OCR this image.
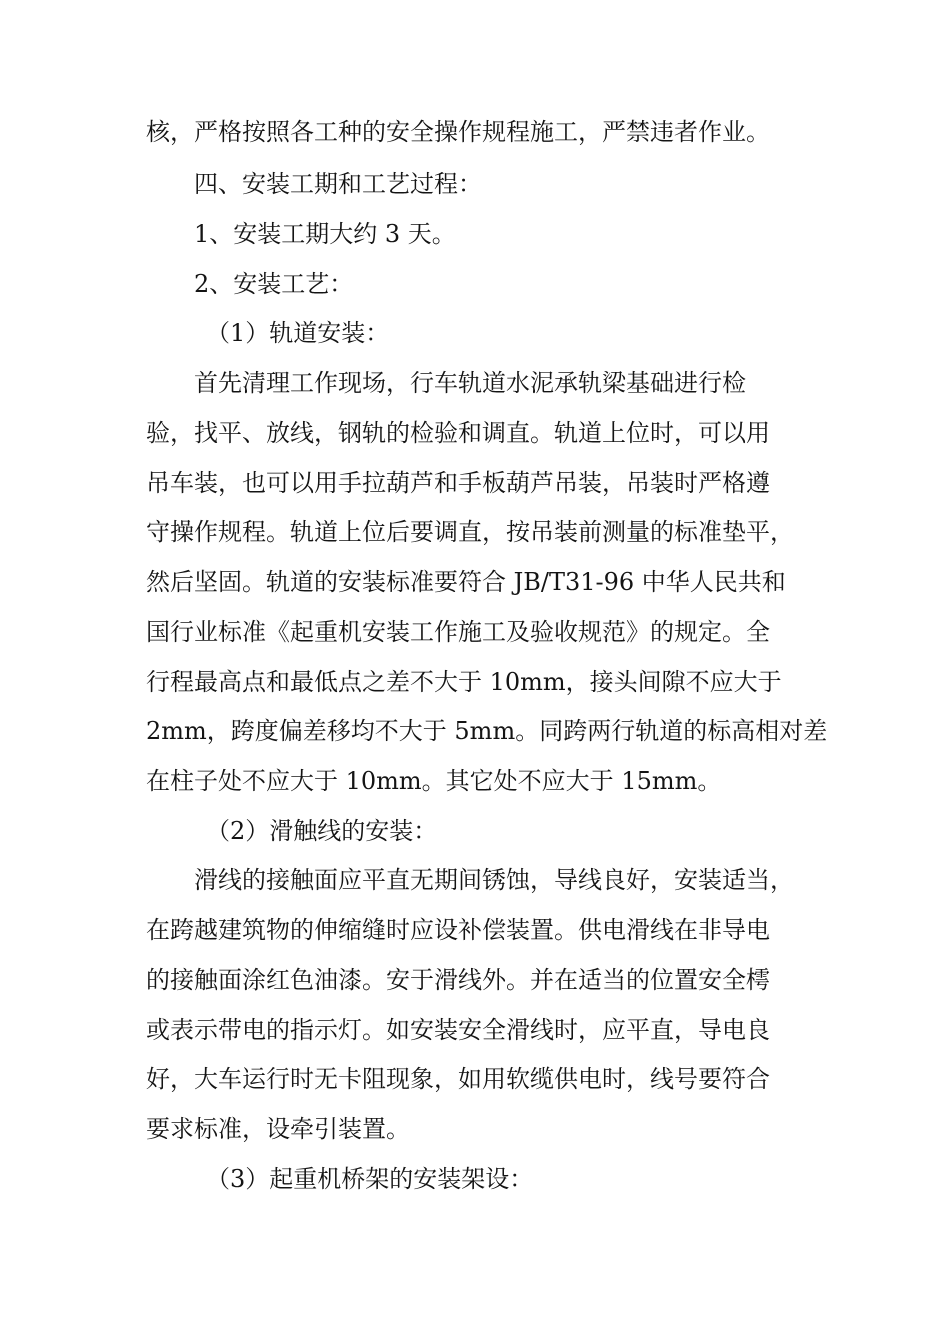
核，严格按照各工种的安全操作规程施工，严禁违者作业。
四、安装工期和工艺过程：
1、安装工期大约 3 天。
2、安装工艺：
（1）轨道安装：
首先清理工作现场，行车轨道水泥承轨梁基础进行检
验，找平、放线，钢轨的检验和调直。轨道上位时，可以用
吊车装，也可以用手拉葫芦和手板葫芦吊装，吊装时严格遵
守操作规程。轨道上位后要调直，按吊装前测量的标准垫平，
然后坚固。轨道的安装标准要符合 JB/T31-96 中华人民共和
国行业标准《起重机安装工作施工及验收规范》的规定。全
行程最高点和最低点之差不大于 10mm，接头间隙不应大于
2mm，跨度偏差移均不大于 5mm。同跨两行轨道的标高相对差
在柱子处不应大于 10mm。其它处不应大于 15mm。
（2）滑触线的安装：
滑线的接触面应平直无期间锈蚀，导线良好，安装适当，
在跨越建筑物的伸缩缝时应设补偿装置。供电滑线在非导电
的接触面涂红色油漆。安于滑线外。并在适当的位置安全樗
或表示带电的指示灯。如安装安全滑线时，应平直，导电良
好，大车运行时无卡阻现象，如用软缆供电时，线号要符合
要求标准，设牵引装置。
（3）起重机桥架的安装架设：
